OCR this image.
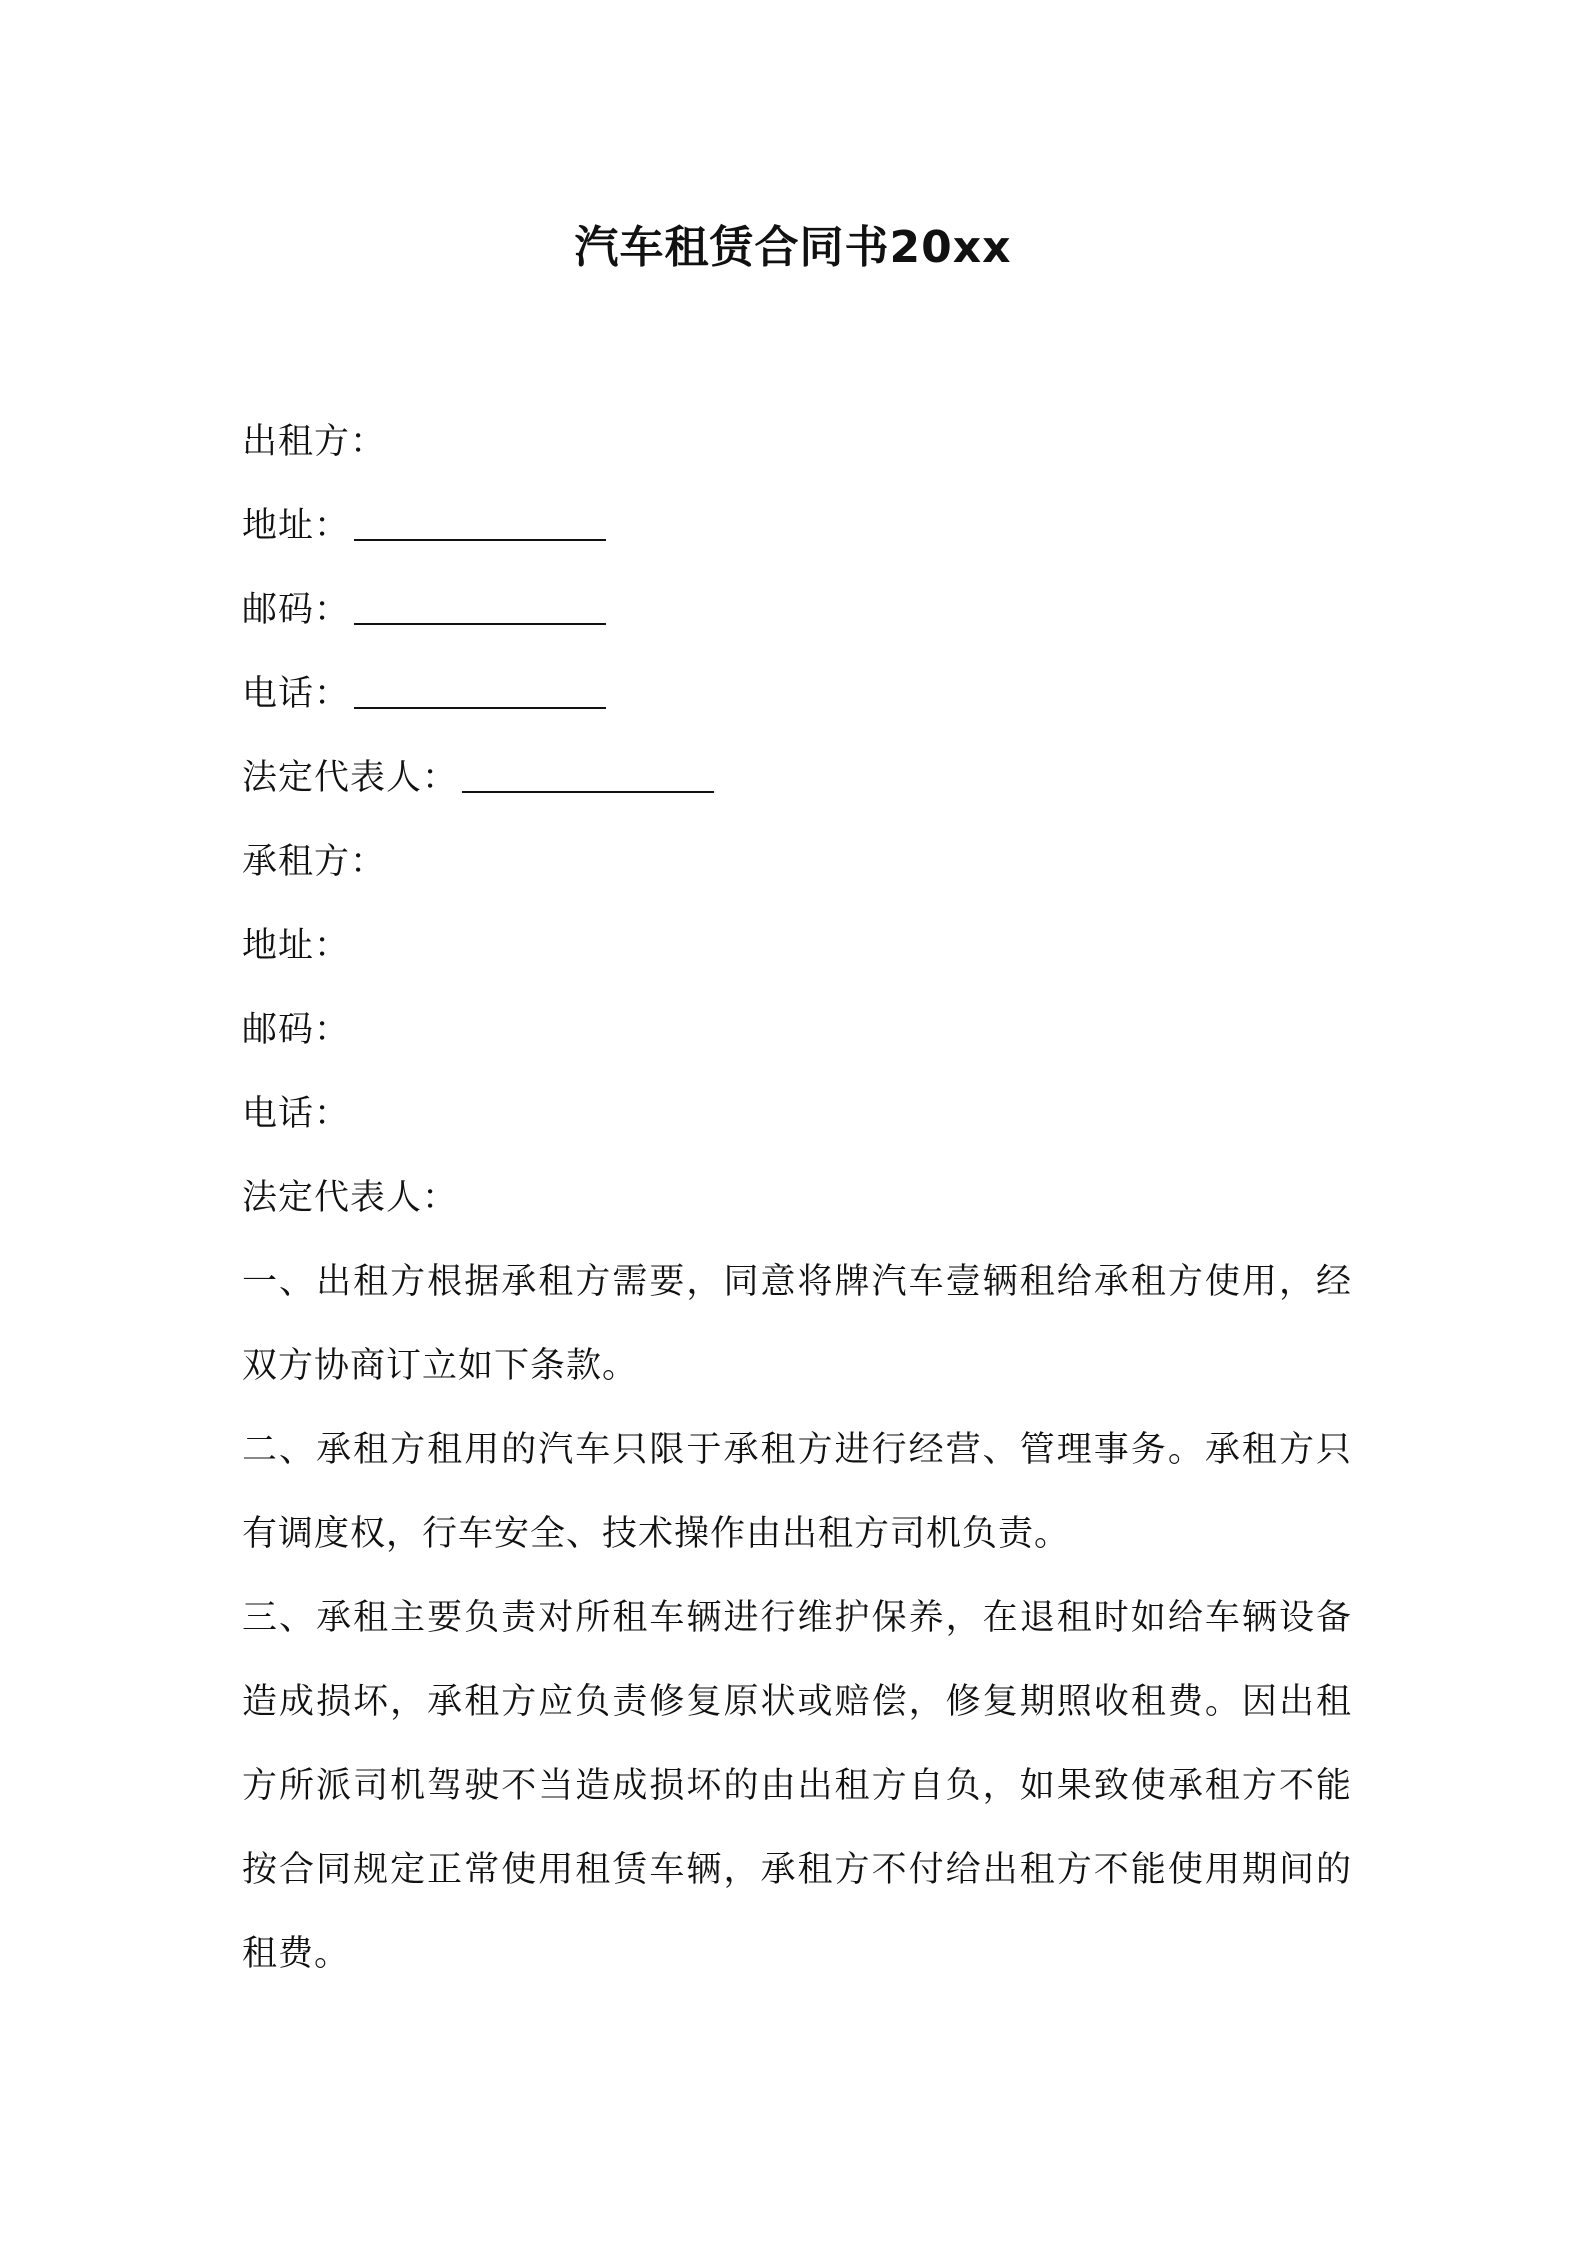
汽车租赁合同书20xx
出租方：
地址：
邮码：
电话：
法定代表人：
承租方：
地址：
邮码：
电话：
法定代表人：

一、出租方根据承租方需要，同意将牌汽车壹辆租给承租方使用，经双方协商订立如下条款。

二、承租方租用的汽车只限于承租方进行经营、管理事务。承租方只有调度权，行车安全、技术操作由出租方司机负责。

三、承租主要负责对所租车辆进行维护保养，在退租时如给车辆设备造成损坏，承租方应负责修复原状或赔偿，修复期照收租费。因出租方所派司机驾驶不当造成损坏的由出租方自负，如果致使承租方不能按合同规定正常使用租赁车辆，承租方不付给出租方不能使用期间的租费。
